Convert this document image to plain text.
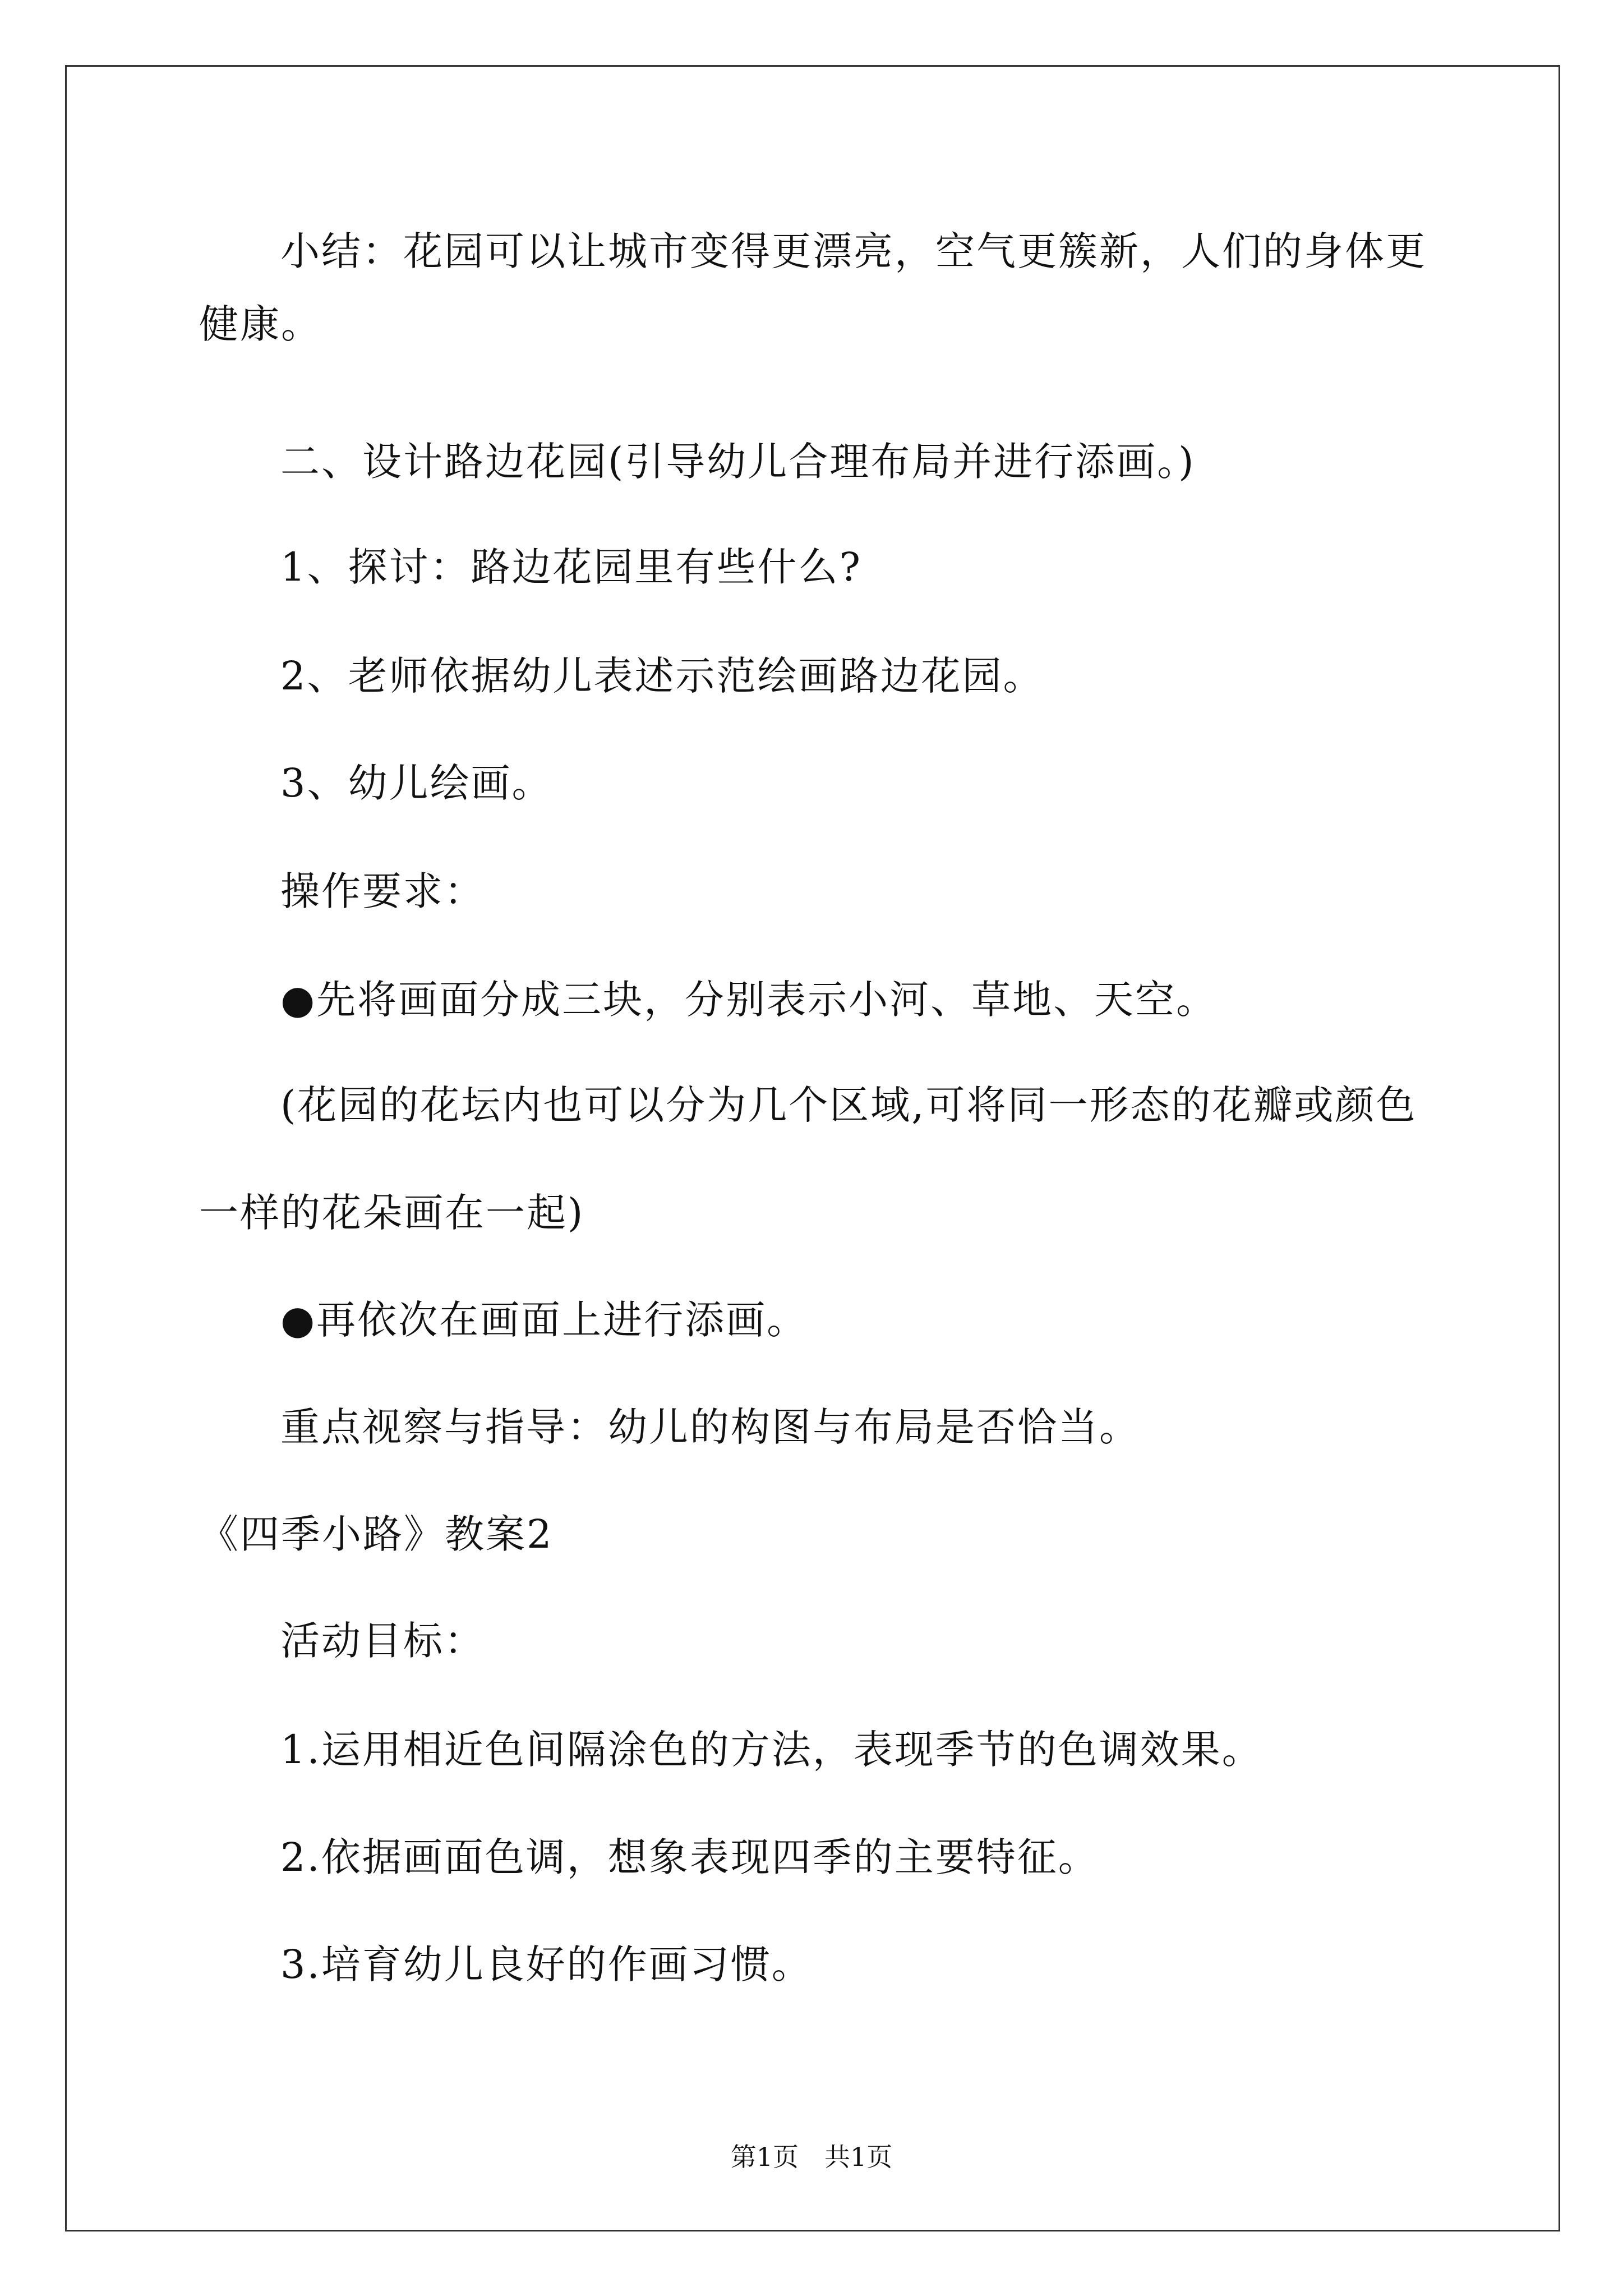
小结：花园可以让城市变得更漂亮，空气更簇新，人们的身体更
健康。
二、设计路边花园(引导幼儿合理布局并进行添画。)
1、探讨：路边花园里有些什么?
2、老师依据幼儿表述示范绘画路边花园。
3、幼儿绘画。
操作要求：
●先将画面分成三块，分别表示小河、草地、天空。
(花园的花坛内也可以分为几个区域,可将同一形态的花瓣或颜色
一样的花朵画在一起)
●再依次在画面上进行添画。
重点视察与指导：幼儿的构图与布局是否恰当。
《四季小路》教案2
活动目标：
1.运用相近色间隔涂色的方法，表现季节的色调效果。
2.依据画面色调，想象表现四季的主要特征。
3.培育幼儿良好的作画习惯。
第1页　共1页
